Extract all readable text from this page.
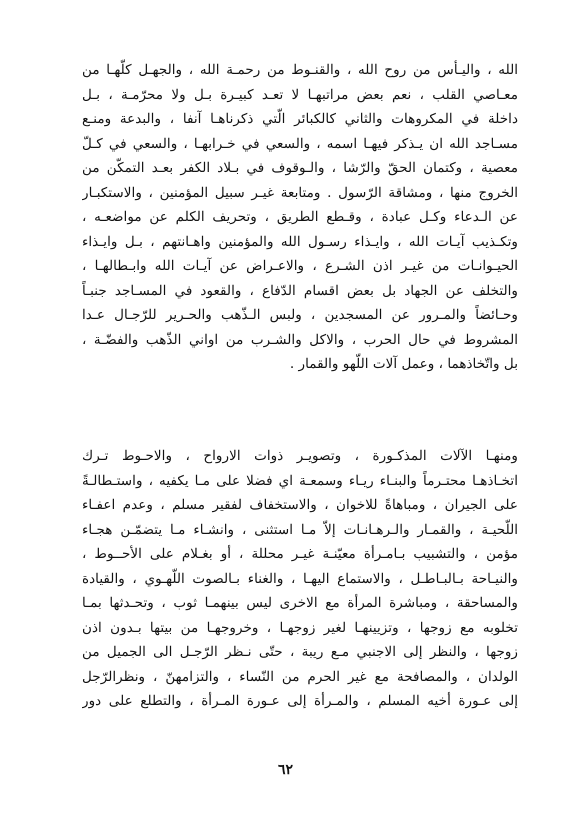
الله ، واليـأس من روح الله ، والقنـوط من رحمـة الله ، والجهـل كلّهـا من
معـاصي القلب ، نعم بعض مراتبهـا لا تعـد كبيـرة بـل ولا محرّمـة ، بـل
داخلة في المكروهات والثاني كالكبائر الّتي ذكرناهـا آنفا ، والبدعة ومنـع
مسـاجد الله ان يـذكر فيهـا اسمه ، والسعي في خـرابهـا ، والسعي في كـلّ
معصية ، وكتمان الحقّ والرّشا ، والـوقوف في بـلاد الكفر بعـد التمكّن من
الخروج منها ، ومشاقة الرّسول . ومتابعة غيـر سبيل المؤمنين ، والاستكبـار
عن الـدعاء وكـل عبادة ، وقـطع الطريق ، وتحريف الكلم عن مواضعـه ،
وتكـذيب آيـات الله ، وايـذاء رسـول الله والمؤمنين واهـانتهم ، بـل وايـذاء
الحيـوانـات من غيـر اذن الشـرع ، والاعـراض عن آيـات الله وابـطالهـا ،
والتخلف عن الجهاد بل بعض اقسام الدّفاع ، والقعود في المسـاجد جنبـاً
وحـائضاً والمـرور عن المسجدين ، ولبس الـذّهب والحـرير للرّجـال عـدا
المشروط في حال الحرب ، والاكل والشـرب من اواني الذّهب والفضّـة ،
بل واتّخاذهما ، وعمل آلات اللّهو والقمار .
ومنهـا الآلات المذكـورة ، وتصويـر ذوات الارواح ، والاحـوط تـرك
اتخـاذهـا محتـرماً والبنـاء ريـاء وسمعـة اي فضلا على مـا يكفيه ، واستـطالـةً
على الجيران ، ومباهاةً للاخوان ، والاستخفاف لفقير مسلم ، وعدم اعفـاء
اللّحيـة ، والقمـار والـرهـانـات إلاّ مـا استثنى ، وانشـاء مـا يتضمّـن هجـاء
مؤمن ، والتشبيب بـامـرأة معيّنـة غيـر محللة ، أو بغـلام على الأحــوط ،
والنيـاحة بـالبـاطـل ، والاستماع اليهـا ، والغناء بـالصوت اللّهـوي ، والقيادة
والمساحقة ، ومباشرة المرأة مع الاخرى ليس بينهمـا ثوب ، وتحـدثها بمـا
تخلوبه مع زوجها ، وتزيينهـا لغير زوجهـا ، وخروجهـا من بيتها بـدون اذن
زوجها ، والنظر إلى الاجنبي مـع ريبة ، حتّى نـظر الرّجـل الى الجميل من
الولدان ، والمصافحة مع غير الحرم من النّساء ، والتزامهنّ ، ونظرالرّجل
إلى عـورة أخيه المسلم ، والمـرأة إلى عـورة المـرأة ، والتطلع على دور
٦٢
